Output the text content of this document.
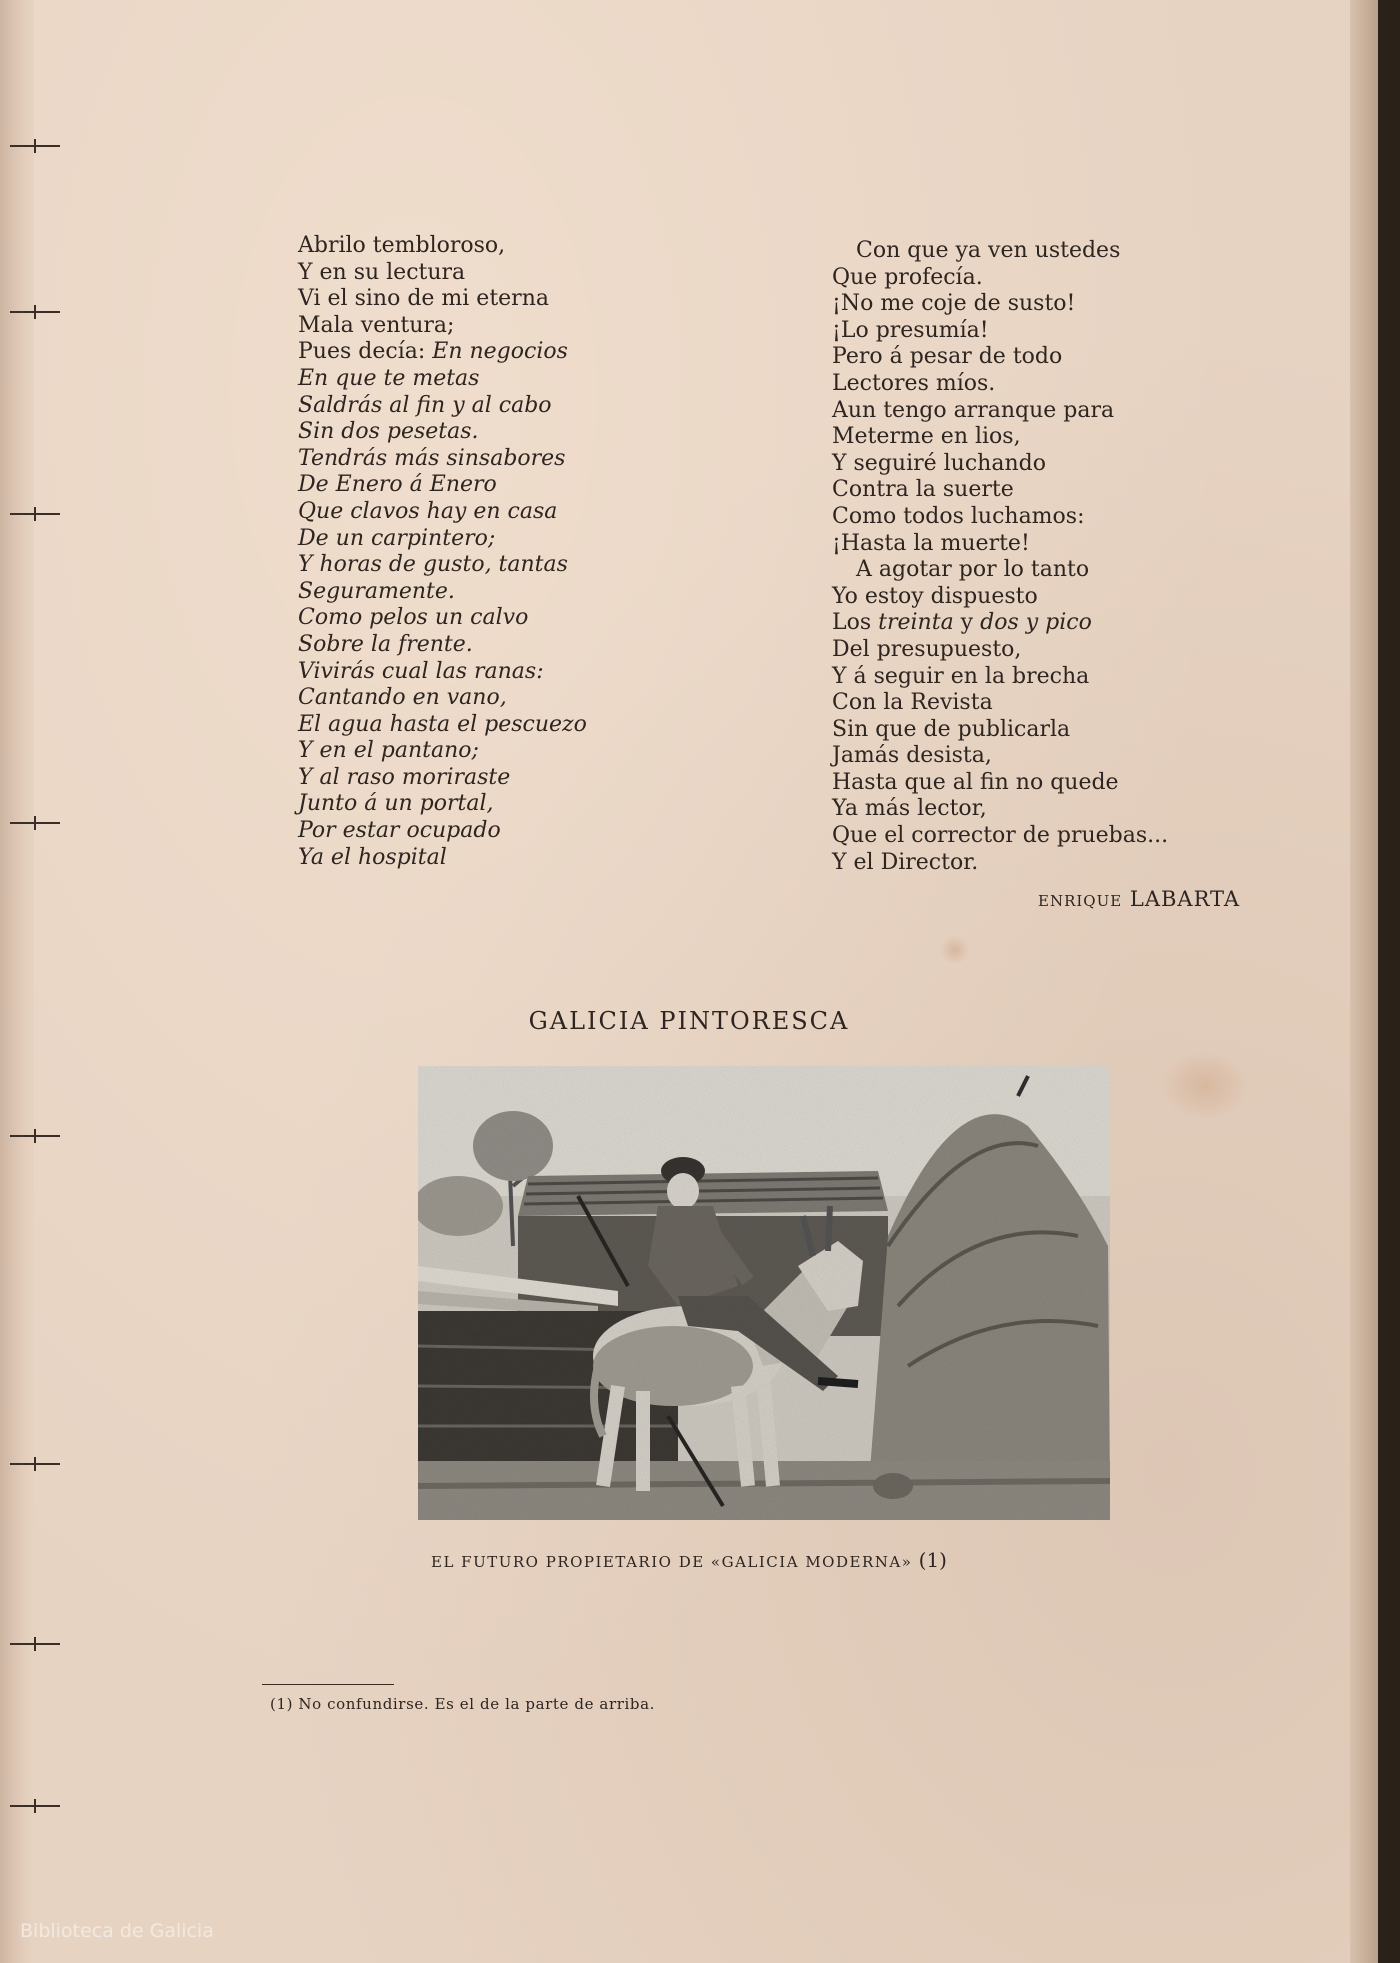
Abrilo tembloroso,
Y en su lectura
Vi el sino de mi eterna
Mala ventura;
Pues decía: En negocios
En que te metas
Saldrás al fin y al cabo
Sin dos pesetas.
Tendrás más sinsabores
De Enero á Enero
Que clavos hay en casa
De un carpintero;
Y horas de gusto, tantas
Seguramente.
Como pelos un calvo
Sobre la frente.
Vivirás cual las ranas:
Cantando en vano,
El agua hasta el pescuezo
Y en el pantano;
Y al raso moriraste
Junto á un portal,
Por estar ocupado
Ya el hospital
Con que ya ven ustedes
Que profecía.
¡No me coje de susto!
¡Lo presumía!
Pero á pesar de todo
Lectores míos.
Aun tengo arranque para
Meterme en lios,
Y seguiré luchando
Contra la suerte
Como todos luchamos:
¡Hasta la muerte!
A agotar por lo tanto
Yo estoy dispuesto
Los treinta y dos y pico
Del presupuesto,
Y á seguir en la brecha
Con la Revista
Sin que de publicarla
Jamás desista,
Hasta que al fin no quede
Ya más lector,
Que el corrector de pruebas...
Y el Director.
ENRIQUE LABARTA
GALICIA PINTORESCA
EL FUTURO PROPIETARIO DE «GALICIA MODERNA» (1)
(1) No confundirse. Es el de la parte de arriba.
Biblioteca de Galicia
